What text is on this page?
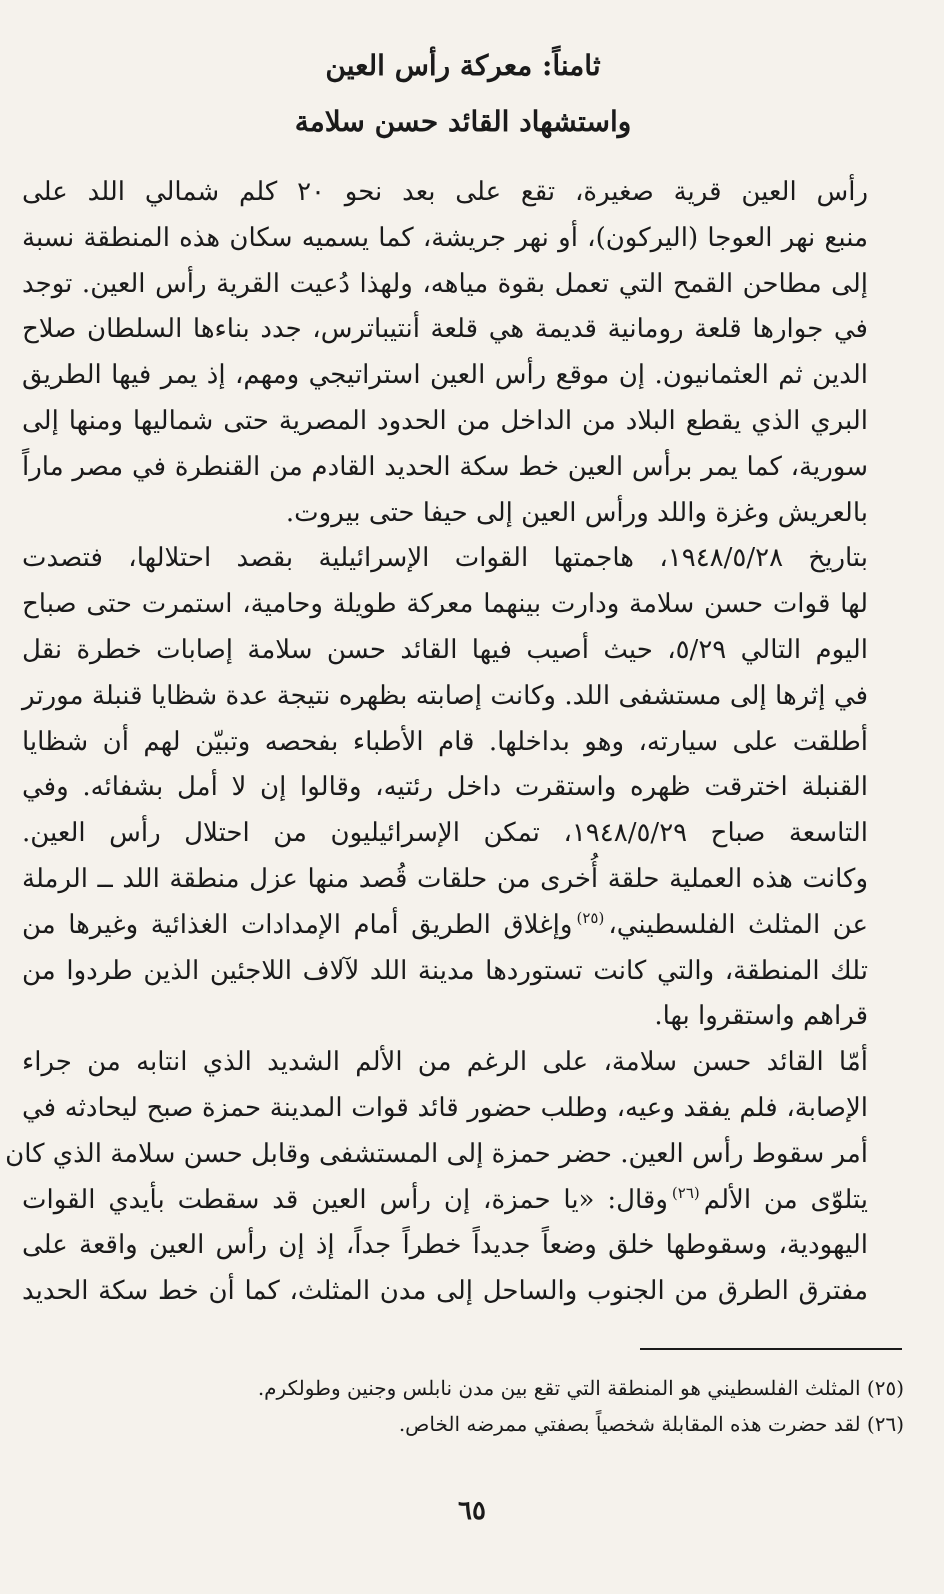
ثامناً: معركة رأس العين
واستشهاد القائد حسن سلامة

رأس العين قرية صغيرة، تقع على بعد نحو ٢٠ كلم شمالي اللد على
منبع نهر العوجا (اليركون)، أو نهر جريشة، كما يسميه سكان هذه المنطقة نسبة
إلى مطاحن القمح التي تعمل بقوة مياهه، ولهذا دُعيت القرية رأس العين. توجد
في جوارها قلعة رومانية قديمة هي قلعة أنتيباترس، جدد بناءها السلطان صلاح
الدين ثم العثمانيون. إن موقع رأس العين استراتيجي ومهم، إذ يمر فيها الطريق
البري الذي يقطع البلاد من الداخل من الحدود المصرية حتى شماليها ومنها إلى
سورية، كما يمر برأس العين خط سكة الحديد القادم من القنطرة في مصر ماراً
بالعريش وغزة واللد ورأس العين إلى حيفا حتى بيروت.

بتاريخ ١٩٤٨/٥/٢٨، هاجمتها القوات الإسرائيلية بقصد احتلالها، فتصدت
لها قوات حسن سلامة ودارت بينهما معركة طويلة وحامية، استمرت حتى صباح
اليوم التالي ٥/٢٩، حيث أصيب فيها القائد حسن سلامة إصابات خطرة نقل
في إثرها إلى مستشفى اللد. وكانت إصابته بظهره نتيجة عدة شظايا قنبلة مورتر
أطلقت على سيارته، وهو بداخلها. قام الأطباء بفحصه وتبيّن لهم أن شظايا
القنبلة اخترقت ظهره واستقرت داخل رئتيه، وقالوا إن لا أمل بشفائه. وفي
التاسعة صباح ١٩٤٨/٥/٢٩، تمكن الإسرائيليون من احتلال رأس العين.
وكانت هذه العملية حلقة أُخرى من حلقات قُصد منها عزل منطقة اللد ــ الرملة
عن المثلث الفلسطيني،$^{(٢٥)}$وإغلاق الطريق أمام الإمدادات الغذائية وغيرها من
تلك المنطقة، والتي كانت تستوردها مدينة اللد لآلاف اللاجئين الذين طردوا من
قراهم واستقروا بها.

أمّا القائد حسن سلامة، على الرغم من الألم الشديد الذي انتابه من جراء
الإصابة، فلم يفقد وعيه، وطلب حضور قائد قوات المدينة حمزة صبح ليحادثه في
أمر سقوط رأس العين. حضر حمزة إلى المستشفى وقابل حسن سلامة الذي كان
يتلوّى من الألم$^{(٢٦)}$وقال: «يا حمزة، إن رأس العين قد سقطت بأيدي القوات
اليهودية، وسقوطها خلق وضعاً جديداً خطراً جداً، إذ إن رأس العين واقعة على
مفترق الطرق من الجنوب والساحل إلى مدن المثلث، كما أن خط سكة الحديد

(٢٥) المثلث الفلسطيني هو المنطقة التي تقع بين مدن نابلس وجنين وطولكرم.
(٢٦) لقد حضرت هذه المقابلة شخصياً بصفتي ممرضه الخاص.
٦٥
